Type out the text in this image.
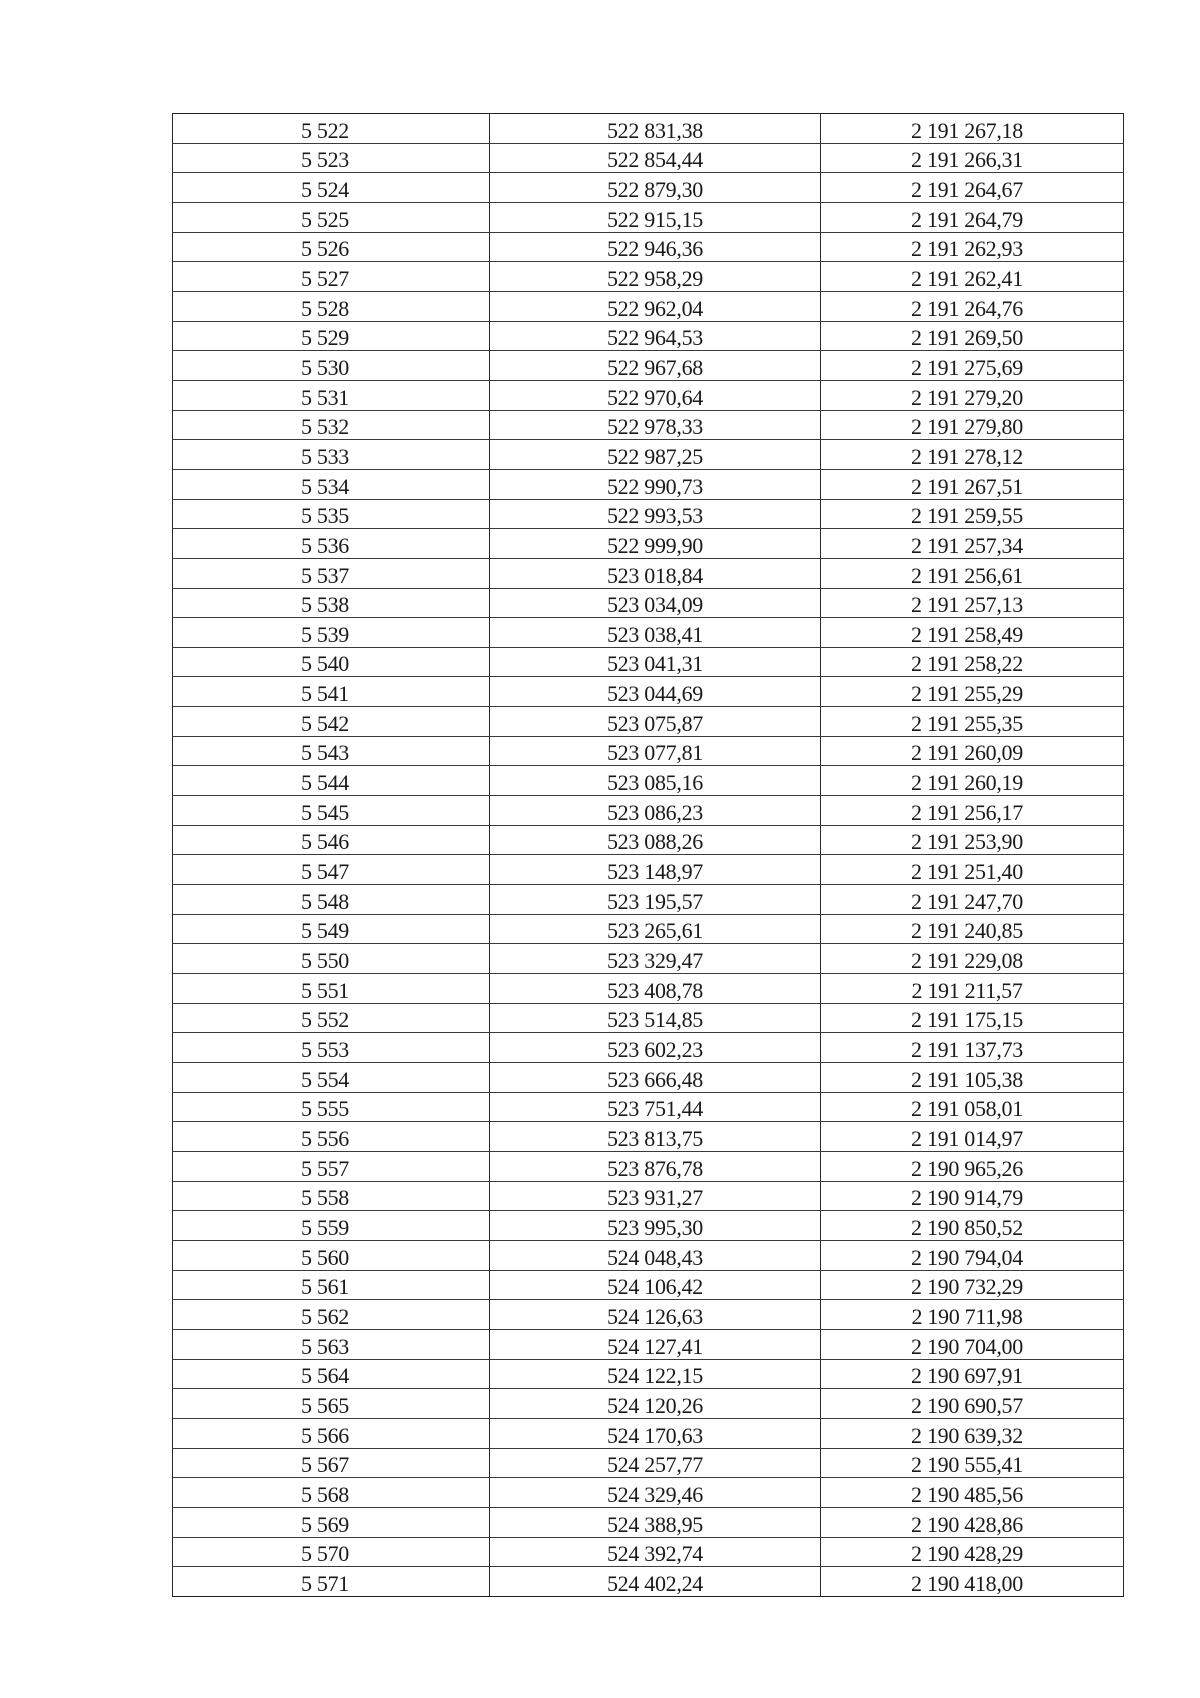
5 522	522 831,38	2 191 267,18
5 523	522 854,44	2 191 266,31
5 524	522 879,30	2 191 264,67
5 525	522 915,15	2 191 264,79
5 526	522 946,36	2 191 262,93
5 527	522 958,29	2 191 262,41
5 528	522 962,04	2 191 264,76
5 529	522 964,53	2 191 269,50
5 530	522 967,68	2 191 275,69
5 531	522 970,64	2 191 279,20
5 532	522 978,33	2 191 279,80
5 533	522 987,25	2 191 278,12
5 534	522 990,73	2 191 267,51
5 535	522 993,53	2 191 259,55
5 536	522 999,90	2 191 257,34
5 537	523 018,84	2 191 256,61
5 538	523 034,09	2 191 257,13
5 539	523 038,41	2 191 258,49
5 540	523 041,31	2 191 258,22
5 541	523 044,69	2 191 255,29
5 542	523 075,87	2 191 255,35
5 543	523 077,81	2 191 260,09
5 544	523 085,16	2 191 260,19
5 545	523 086,23	2 191 256,17
5 546	523 088,26	2 191 253,90
5 547	523 148,97	2 191 251,40
5 548	523 195,57	2 191 247,70
5 549	523 265,61	2 191 240,85
5 550	523 329,47	2 191 229,08
5 551	523 408,78	2 191 211,57
5 552	523 514,85	2 191 175,15
5 553	523 602,23	2 191 137,73
5 554	523 666,48	2 191 105,38
5 555	523 751,44	2 191 058,01
5 556	523 813,75	2 191 014,97
5 557	523 876,78	2 190 965,26
5 558	523 931,27	2 190 914,79
5 559	523 995,30	2 190 850,52
5 560	524 048,43	2 190 794,04
5 561	524 106,42	2 190 732,29
5 562	524 126,63	2 190 711,98
5 563	524 127,41	2 190 704,00
5 564	524 122,15	2 190 697,91
5 565	524 120,26	2 190 690,57
5 566	524 170,63	2 190 639,32
5 567	524 257,77	2 190 555,41
5 568	524 329,46	2 190 485,56
5 569	524 388,95	2 190 428,86
5 570	524 392,74	2 190 428,29
5 571	524 402,24	2 190 418,00
